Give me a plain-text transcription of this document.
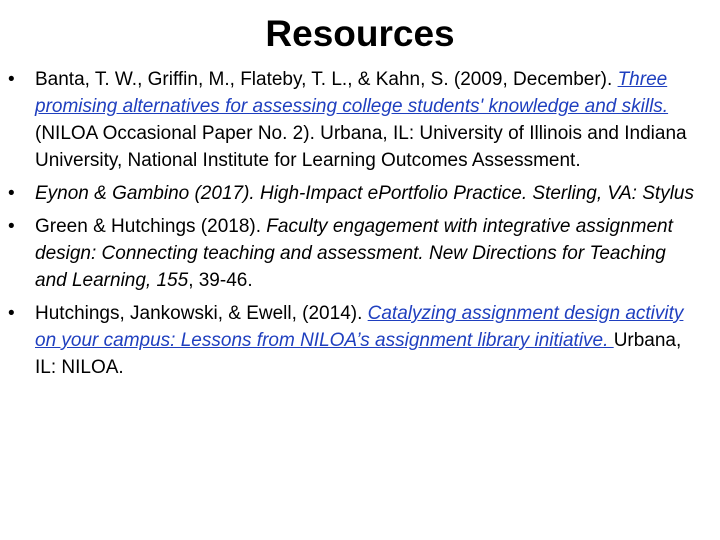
Resources
• Banta, T. W., Griffin, M., Flateby, T. L., & Kahn, S. (2009, December). Three promising alternatives for assessing college students' knowledge and skills. (NILOA Occasional Paper No. 2). Urbana, IL: University of Illinois and Indiana University, National Institute for Learning Outcomes Assessment.
• Eynon & Gambino (2017). High-Impact ePortfolio Practice. Sterling, VA: Stylus
• Green & Hutchings (2018). Faculty engagement with integrative assignment design: Connecting teaching and assessment. New Directions for Teaching and Learning, 155, 39-46.
• Hutchings, Jankowski, & Ewell, (2014). Catalyzing assignment design activity on your campus: Lessons from NILOA’s assignment library initiative. Urbana, IL: NILOA.
